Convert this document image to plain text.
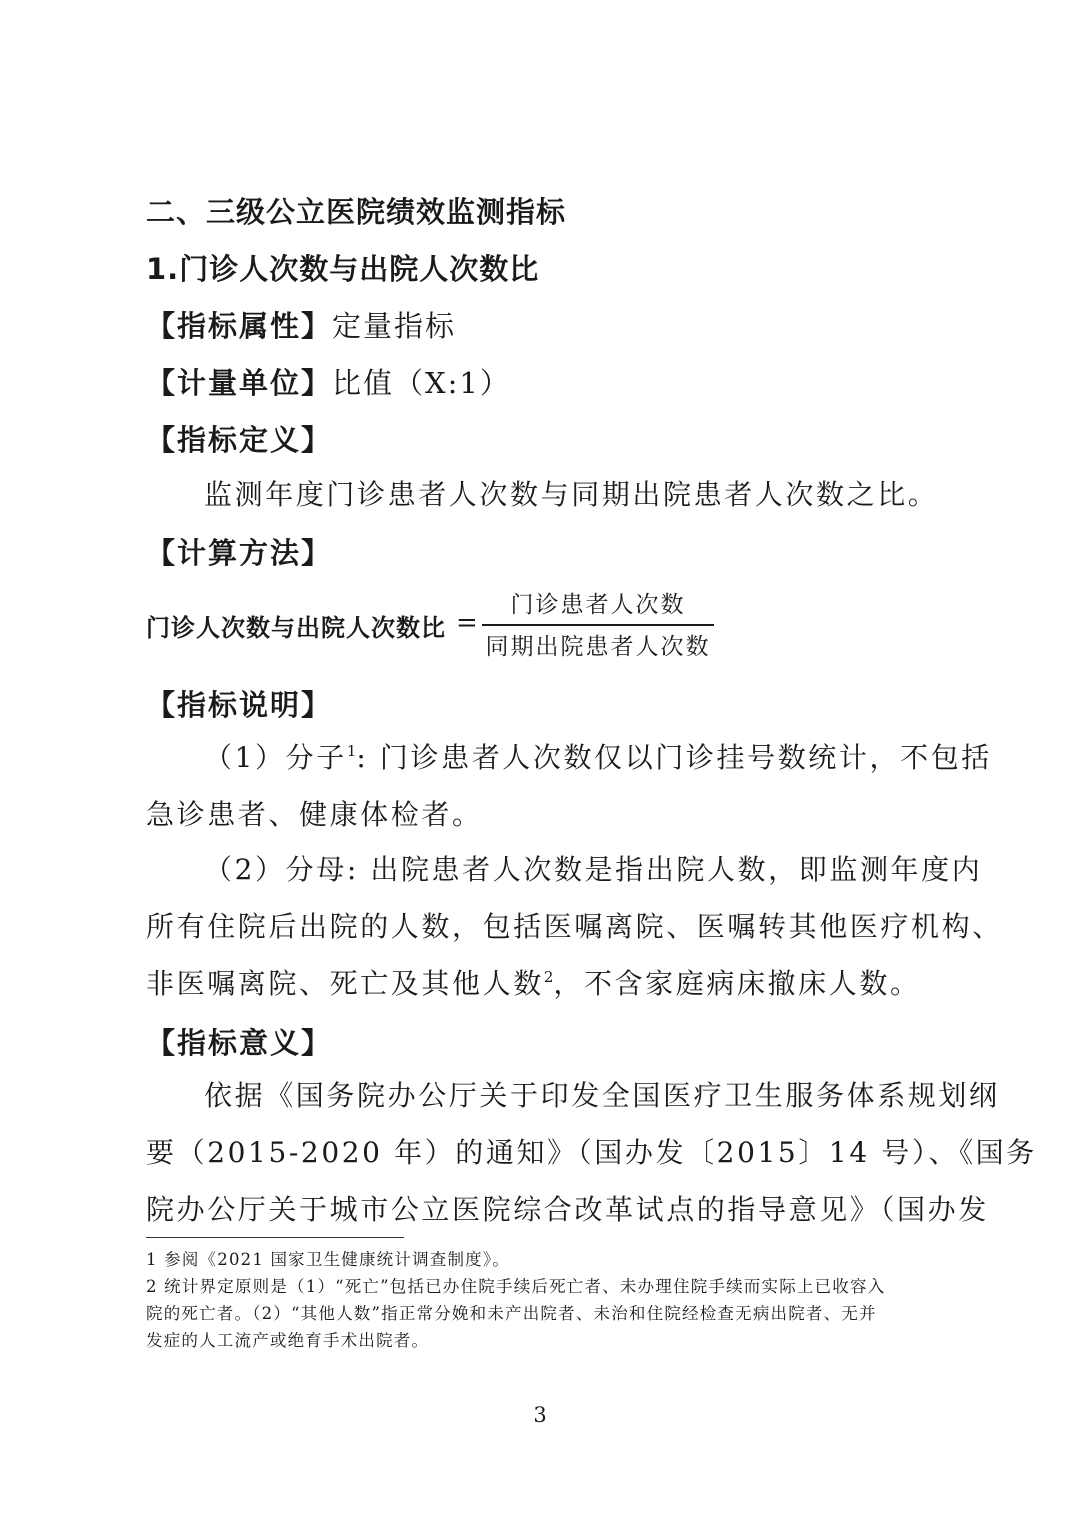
二、三级公立医院绩效监测指标
1.门诊人次数与出院人次数比
【指标属性】定量指标
【计量单位】比值（X:1）
【指标定义】
监测年度门诊患者人次数与同期出院患者人次数之比。
【计算方法】
门诊人次数与出院人次数比 =
门诊患者人次数
同期出院患者人次数
【指标说明】
（1）分子$^1$: 门诊患者人次数仅以门诊挂号数统计，不包括
急诊患者、健康体检者。
（2）分母: 出院患者人次数是指出院人数，即监测年度内
所有住院后出院的人数，包括医嘱离院、医嘱转其他医疗机构、
非医嘱离院、死亡及其他人数$^2$，不含家庭病床撤床人数。
【指标意义】
依据《国务院办公厅关于印发全国医疗卫生服务体系规划纲
要（2015-2020 年）的通知》（国办发〔2015〕14 号）、《国务
院办公厅关于城市公立医院综合改革试点的指导意见》（国办发
1 参阅《2021 国家卫生健康统计调查制度》。
2 统计界定原则是（1）“死亡”包括已办住院手续后死亡者、未办理住院手续而实际上已收容入
院的死亡者。（2）“其他人数”指正常分娩和未产出院者、未治和住院经检查无病出院者、无并
发症的人工流产或绝育手术出院者。
3
